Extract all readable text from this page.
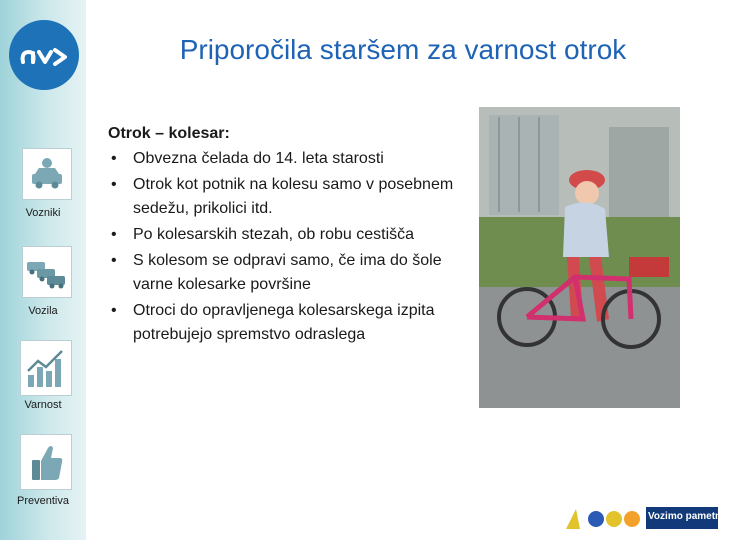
Vozniki
Vozila
Varnost
Preventiva
Priporočila staršem za varnost otrok
Otrok – kolesar:
• Obvezna čelada do 14. leta starosti
• Otrok kot potnik na kolesu samo v posebnem sedežu, prikolici itd.
• Po kolesarskih stezah, ob robu cestišča
• S kolesom se odpravi samo, če ima do šole varne kolesarke površine
• Otroci do opravljenega kolesarskega izpita potrebujejo spremstvo odraslega
Vozimo pametno!
